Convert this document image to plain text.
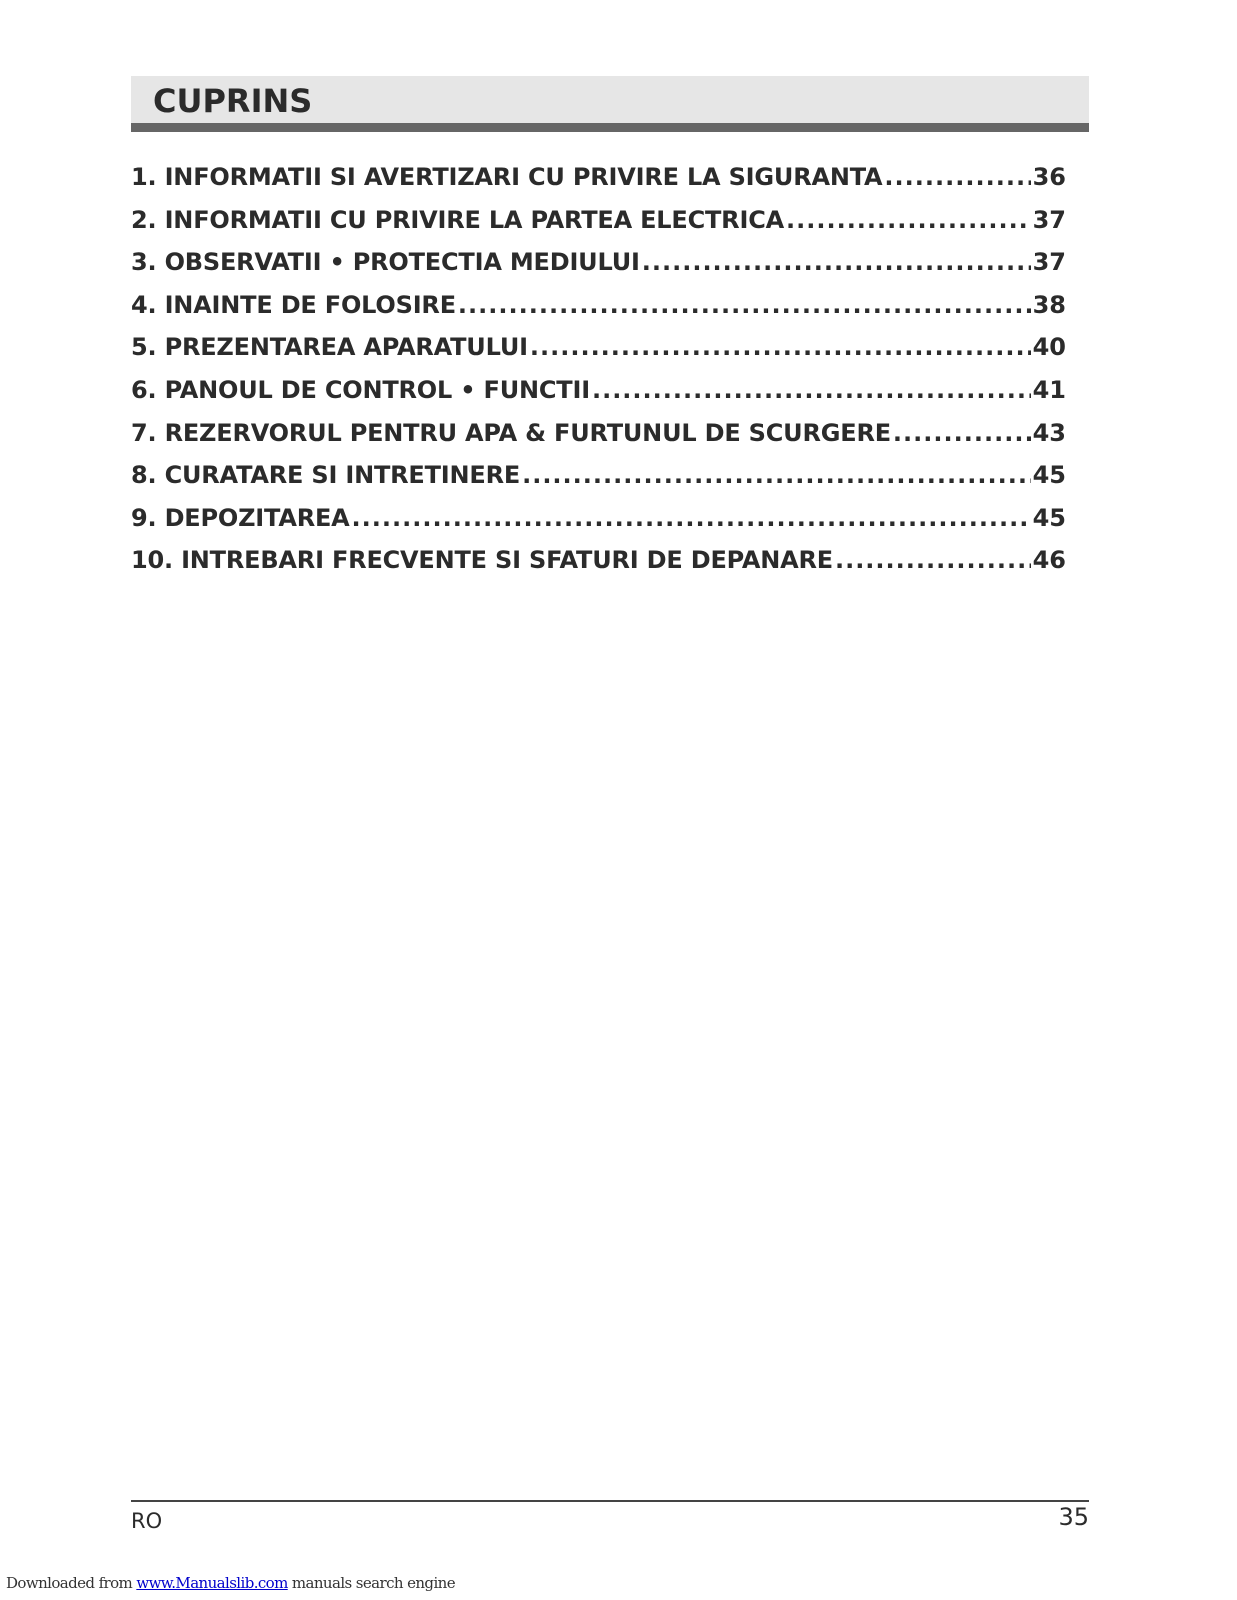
CUPRINS
1. INFORMATII SI AVERTIZARI CU PRIVIRE LA SIGURANTA .....	36
2. INFORMATII CU PRIVIRE LA PARTEA ELECTRICA .....	37
3. OBSERVATII • PROTECTIA MEDIULUI .....	37
4. INAINTE DE FOLOSIRE .....	38
5. PREZENTAREA APARATULUI .....	40
6. PANOUL DE CONTROL • FUNCTII .....	41
7. REZERVORUL PENTRU APA & FURTUNUL DE SCURGERE .....	43
8. CURATARE SI INTRETINERE .....	45
9. DEPOZITAREA .....	45
10. INTREBARI FRECVENTE SI SFATURI DE DEPANARE .....	46
RO	35
Downloaded from www.Manualslib.com manuals search engine
